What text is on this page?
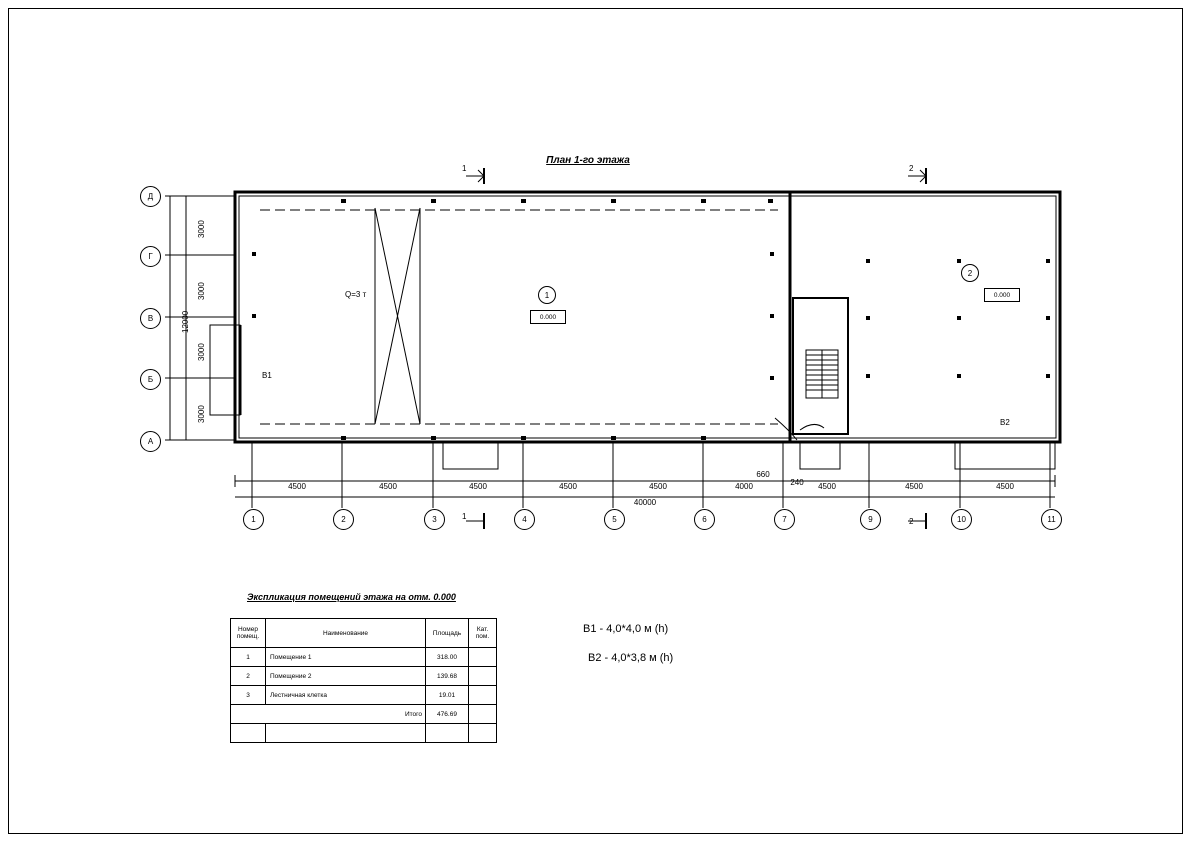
План 1-го этажа
Д
Г
В
Б
А
3000
3000
3000
3000
12000
1	2	3	4	5	6	7	9	10	11
4500	4500	4500	4500	4500	4000
660
240 4500	4500	4500
40000
1
0.000
2
0.000
Q=3 т
В1
В2
1	2
1
2
Экспликация помещений этажа на отм. 0.000
Номер помещ.	Наименование	Площадь	Кат. пом.
1	Помещение 1	318.00	
2	Помещение 2	139.68	
3	Лестничная клетка	19.01	
Итого		476.69	

В1 - 4,0*4,0 м (h)
В2 - 4,0*3,8 м (h)
